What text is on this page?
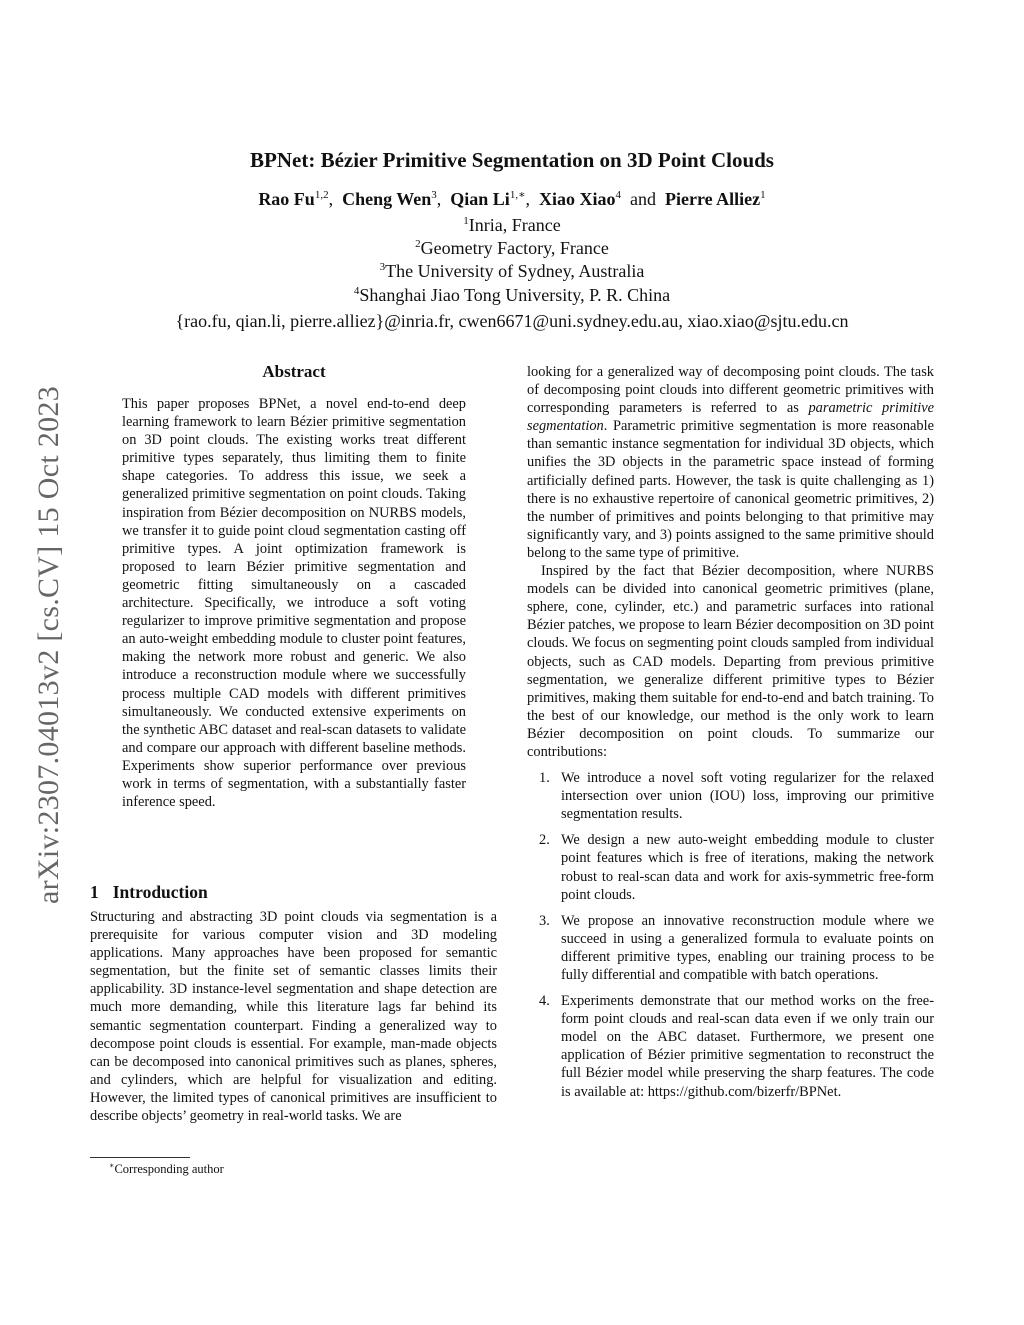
arXiv:2307.04013v2 [cs.CV] 15 Oct 2023
BPNet: Bézier Primitive Segmentation on 3D Point Clouds
Rao Fu$^{1,2}$,  Cheng Wen$^3$,  Qian $Li^{1,∗}$,  Xiao Xiao$^4$ and Pierre Alliez$^1$
$^1$Inria, France
$^2$Geometry Factory, France
$^3$The University of Sydney, Australia
$^4$Shanghai Jiao Tong University, P. R. China
{rao.fu, qian.li, pierre.alliez}@inria.fr, cwen6671@uni.sydney.edu.au, xiao.xiao@sjtu.edu.cn
Abstract

This paper proposes BPNet, a novel end-to-end deep learning framework to learn Bézier primitive segmentation on 3D point clouds. The existing works treat different primitive types separately, thus limiting them to finite shape categories. To address this issue, we seek a generalized primitive segmentation on point clouds. Taking inspiration from Bézier decomposition on NURBS models, we transfer it to guide point cloud segmentation casting off primitive types. A joint optimization framework is proposed to learn Bézier primitive segmentation and geometric fitting simultaneously on a cascaded architecture. Specifically, we introduce a soft voting regularizer to improve primitive segmentation and propose an auto-weight embedding module to cluster point features, making the network more robust and generic. We also introduce a reconstruction module where we successfully process multiple CAD models with different primitives simultaneously. We conducted extensive experiments on the synthetic ABC dataset and real-scan datasets to validate and compare our approach with different baseline methods. Experiments show superior performance over previous work in terms of segmentation, with a substantially faster inference speed.

1 Introduction

Structuring and abstracting 3D point clouds via segmentation is a prerequisite for various computer vision and 3D modeling applications. Many approaches have been proposed for semantic segmentation, but the finite set of semantic classes limits their applicability. 3D instance-level segmentation and shape detection are much more demanding, while this literature lags far behind its semantic segmentation counterpart. Finding a generalized way to decompose point clouds is essential. For example, man-made objects can be decomposed into canonical primitives such as planes, spheres, and cylinders, which are helpful for visualization and editing. However, the limited types of canonical primitives are insufficient to describe objects’ geometry in real-world tasks. We are

∗Corresponding author

looking for a generalized way of decomposing point clouds. The task of decomposing point clouds into different geometric primitives with corresponding parameters is referred to as parametric primitive segmentation. Parametric primitive segmentation is more reasonable than semantic instance segmentation for individual 3D objects, which unifies the 3D objects in the parametric space instead of forming artificially defined parts. However, the task is quite challenging as 1) there is no exhaustive repertoire of canonical geometric primitives, 2) the number of primitives and points belonging to that primitive may significantly vary, and 3) points assigned to the same primitive should belong to the same type of primitive.

Inspired by the fact that Bézier decomposition, where NURBS models can be divided into canonical geometric primitives (plane, sphere, cone, cylinder, etc.) and parametric surfaces into rational Bézier patches, we propose to learn Bézier decomposition on 3D point clouds. We focus on segmenting point clouds sampled from individual objects, such as CAD models. Departing from previous primitive segmentation, we generalize different primitive types to Bézier primitives, making them suitable for end-to-end and batch training. To the best of our knowledge, our method is the only work to learn Bézier decomposition on point clouds. To summarize our contributions:

1. We introduce a novel soft voting regularizer for the relaxed intersection over union (IOU) loss, improving our primitive segmentation results.
2. We design a new auto-weight embedding module to cluster point features which is free of iterations, making the network robust to real-scan data and work for axis-symmetric free-form point clouds.
3. We propose an innovative reconstruction module where we succeed in using a generalized formula to evaluate points on different primitive types, enabling our training process to be fully differential and compatible with batch operations.
4. Experiments demonstrate that our method works on the free-form point clouds and real-scan data even if we only train our model on the ABC dataset. Furthermore, we present one application of Bézier primitive segmentation to reconstruct the full Bézier model while preserving the sharp features. The code is available at: https://github.com/bizerfr/BPNet.
